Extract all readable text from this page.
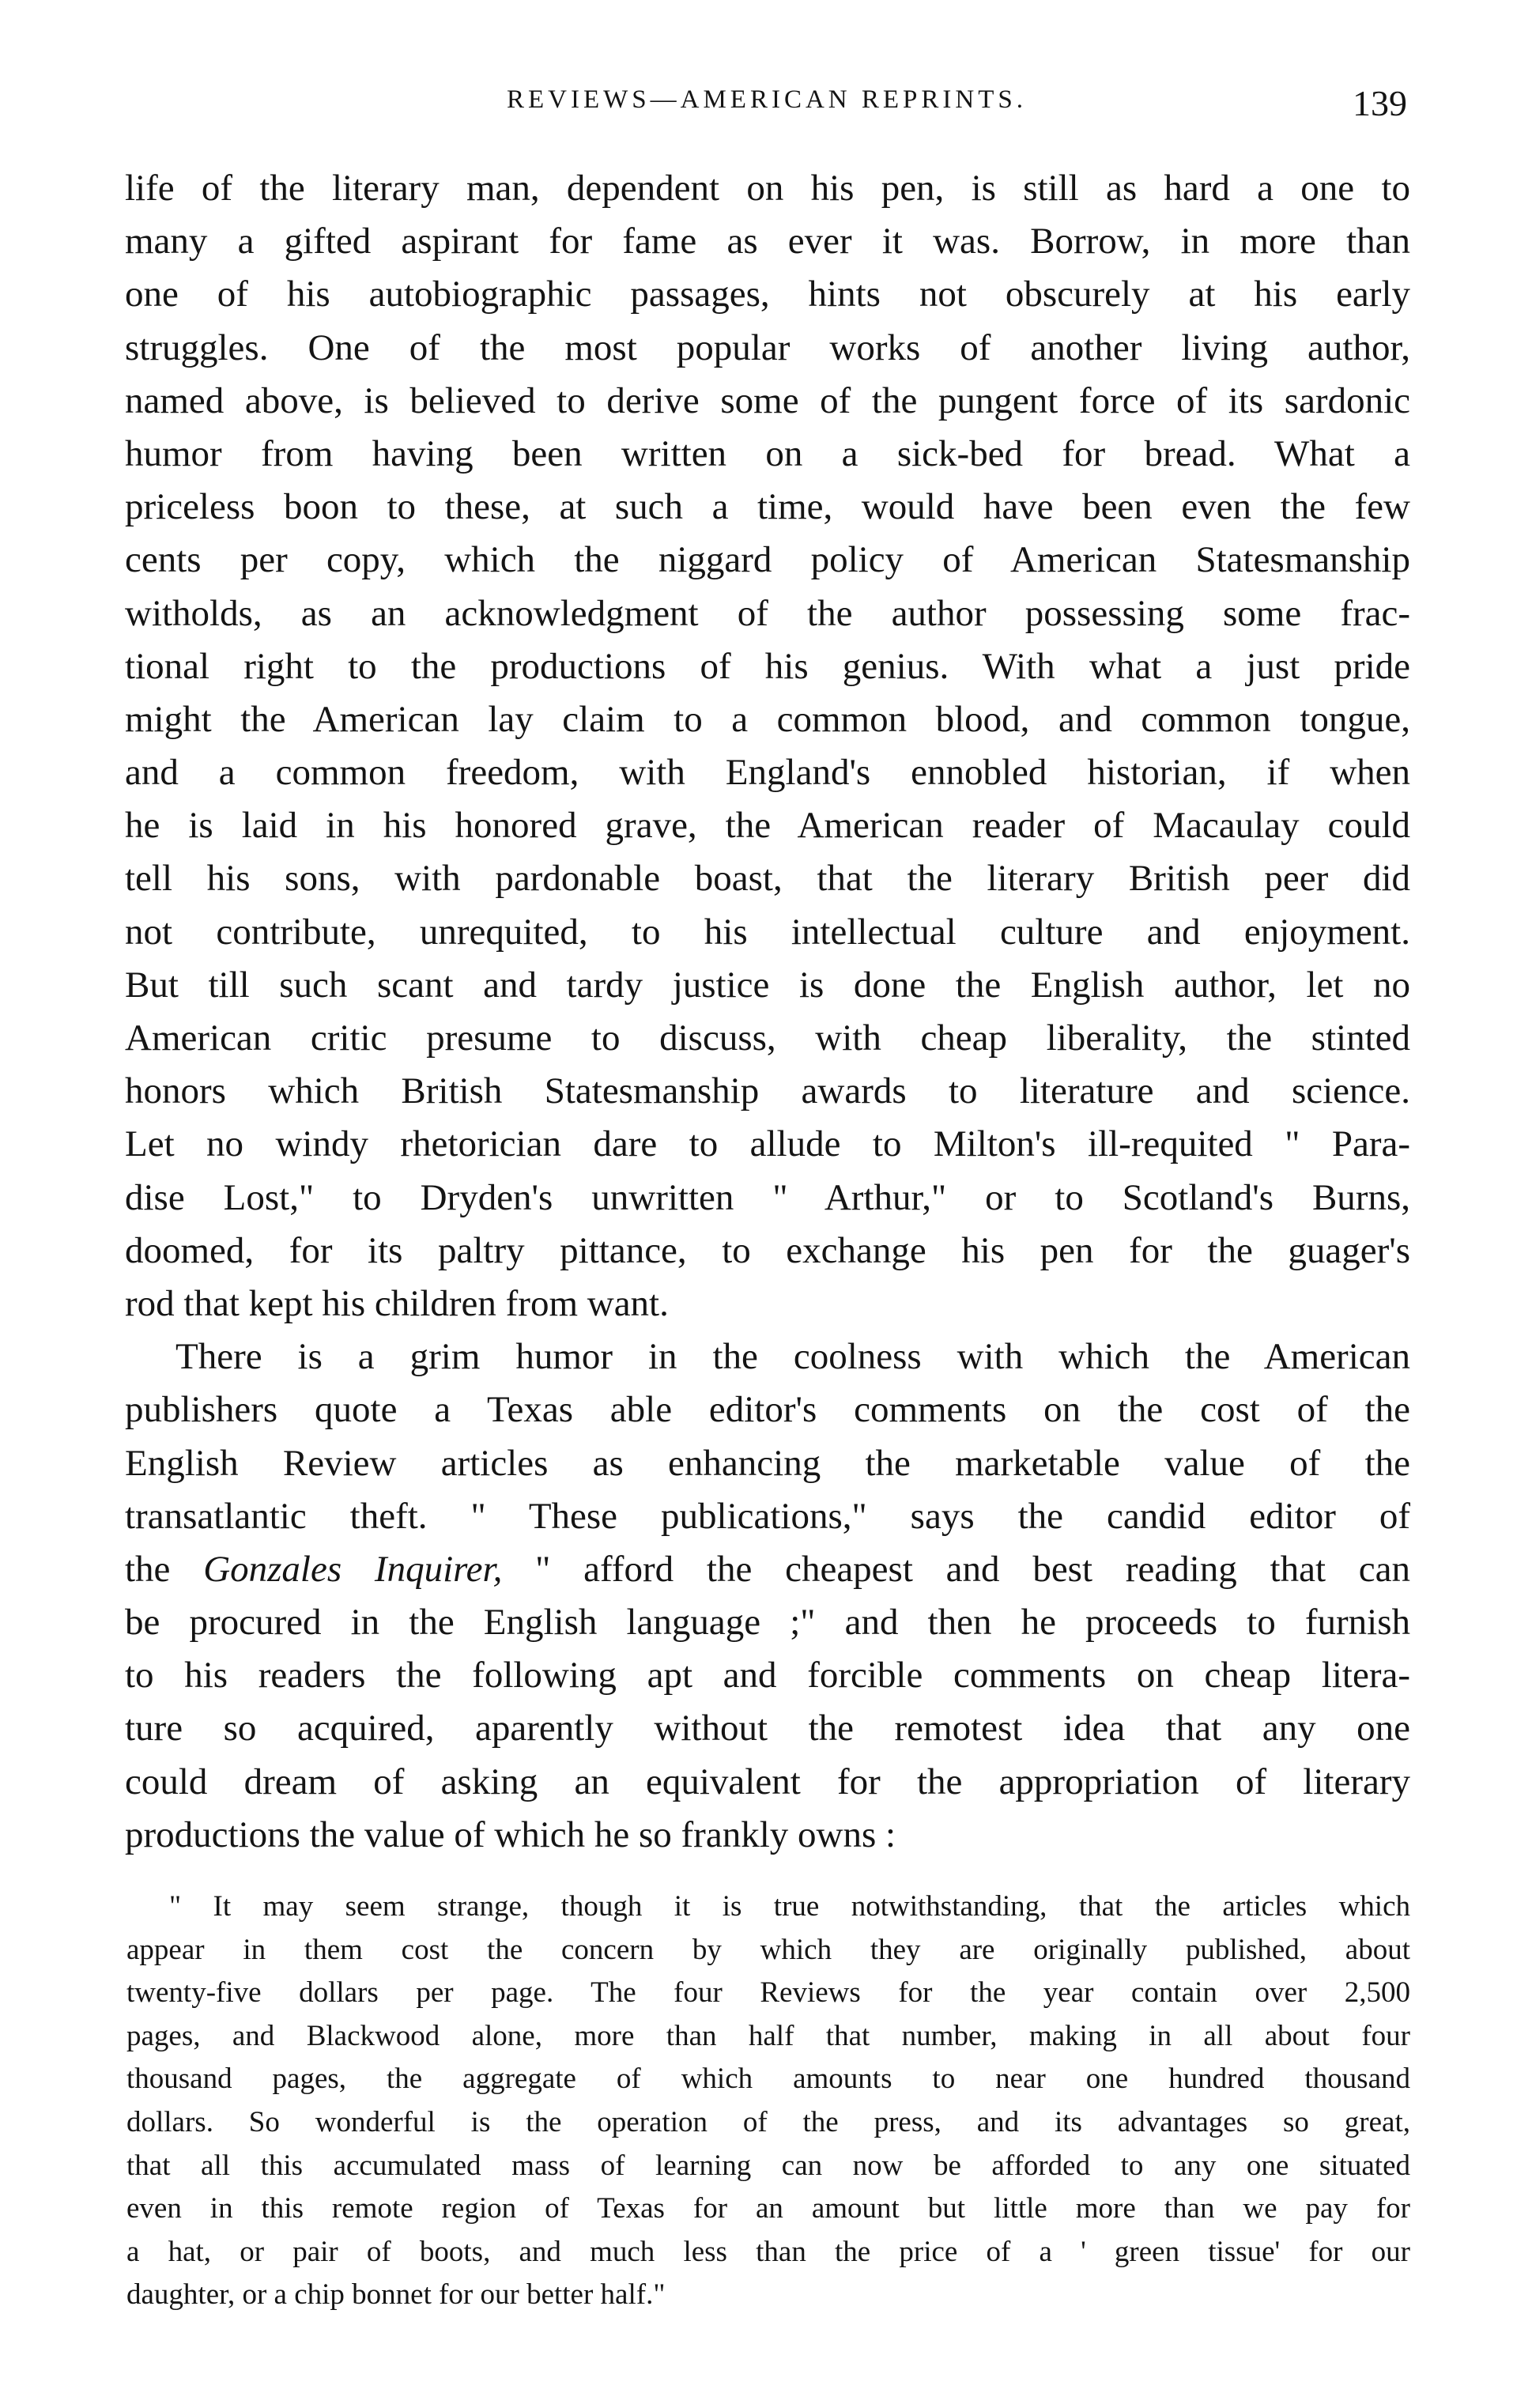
REVIEWS—AMERICAN REPRINTS.	139
life of the literary man, dependent on his pen, is still as hard a one to
many a gifted aspirant for fame as ever it was. Borrow, in more than
one of his autobiographic passages, hints not obscurely at his early
struggles. One of the most popular works of another living author,
named above, is believed to derive some of the pungent force of its sardonic
humor from having been written on a sick-bed for bread. What a
priceless boon to these, at such a time, would have been even the few
cents per copy, which the niggard policy of American Statesmanship
witholds, as an acknowledgment of the author possessing some frac-
tional right to the productions of his genius. With what a just pride
might the American lay claim to a common blood, and common tongue,
and a common freedom, with England's ennobled historian, if when
he is laid in his honored grave, the American reader of Macaulay could
tell his sons, with pardonable boast, that the literary British peer did
not contribute, unrequited, to his intellectual culture and enjoyment.
But till such scant and tardy justice is done the English author, let no
American critic presume to discuss, with cheap liberality, the stinted
honors which British Statesmanship awards to literature and science.
Let no windy rhetorician dare to allude to Milton's ill-requited " Para-
dise Lost," to Dryden's unwritten " Arthur," or to Scotland's Burns,
doomed, for its paltry pittance, to exchange his pen for the guager's
rod that kept his children from want.
There is a grim humor in the coolness with which the American
publishers quote a Texas able editor's comments on the cost of the
English Review articles as enhancing the marketable value of the
transatlantic theft. " These publications," says the candid editor of
the Gonzales Inquirer, " afford the cheapest and best reading that can
be procured in the English language ;" and then he proceeds to furnish
to his readers the following apt and forcible comments on cheap litera-
ture so acquired, aparently without the remotest idea that any one
could dream of asking an equivalent for the appropriation of literary
productions the value of which he so frankly owns :
" It may seem strange, though it is true notwithstanding, that the articles which
appear in them cost the concern by which they are originally published, about
twenty-five dollars per page. The four Reviews for the year contain over 2,500
pages, and Blackwood alone, more than half that number, making in all about four
thousand pages, the aggregate of which amounts to near one hundred thousand
dollars. So wonderful is the operation of the press, and its advantages so great,
that all this accumulated mass of learning can now be afforded to any one situated
even in this remote region of Texas for an amount but little more than we pay for
a hat, or pair of boots, and much less than the price of a ' green tissue' for our
daughter, or a chip bonnet for our better half."
